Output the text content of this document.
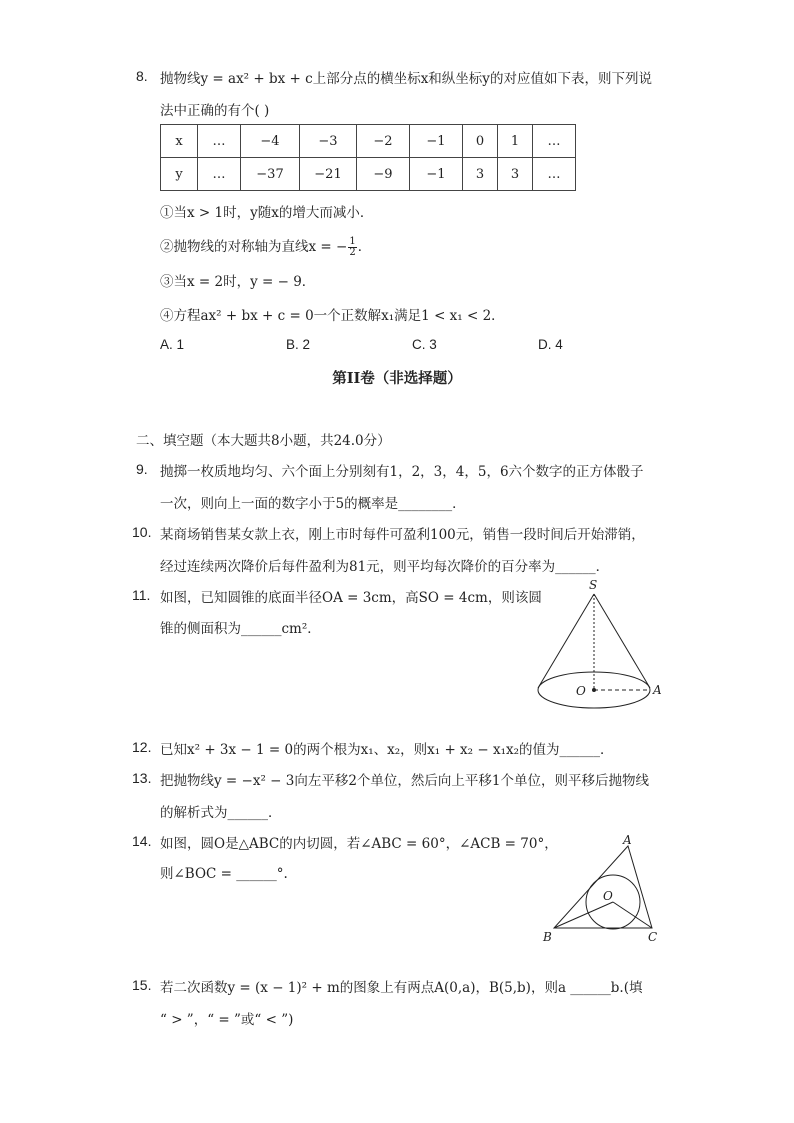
8. 抛物线y = ax² + bx + c上部分点的横坐标x和纵坐标y的对应值如下表，则下列说
法中正确的有个( )
x	…	−4	−3	−2	−1	0	1	…
y	…	−37	−21	−9	−1	3	3	…
①当x > 1时，y随x的增大而减小．
②抛物线的对称轴为直线x = − $\frac{1}{2}$ ．
③当x = 2时，y = − 9．
④方程ax² + bx + c = 0一个正数解x₁满足1 < x₁ < 2．
A. 1	B. 2	C. 3	D. 4
第II卷（非选择题）
二、填空题（本大题共8小题，共24.0分）
9. 抛掷一枚质地均匀、六个面上分别刻有1，2，3，4，5，6六个数字的正方体骰子
一次，则向上一面的数字小于5的概率是________．
10. 某商场销售某女款上衣，刚上市时每件可盈利100元，销售一段时间后开始滞销，
经过连续两次降价后每件盈利为81元，则平均每次降价的百分率为______．
11. 如图，已知圆锥的底面半径OA = 3cm，高SO = 4cm，则该圆
锥的侧面积为______cm²．
S
O	A
12. 已知x² + 3x − 1 = 0的两个根为x₁、x₂，则x₁ + x₂ − x₁x₂的值为______．
13. 把抛物线y = −x² − 3向左平移2个单位，然后向上平移1个单位，则平移后抛物线
的解析式为______．
14. 如图，圆O是△ABC的内切圆，若∠ABC = 60°，∠ACB = 70°，
则∠BOC = ______°.
A
B	C
O
15. 若二次函数y = (x − 1)² + m的图象上有两点A(0,a)，B(5,b)，则a ______b.(填
“ > ”，“ = ”或“ < ”)
